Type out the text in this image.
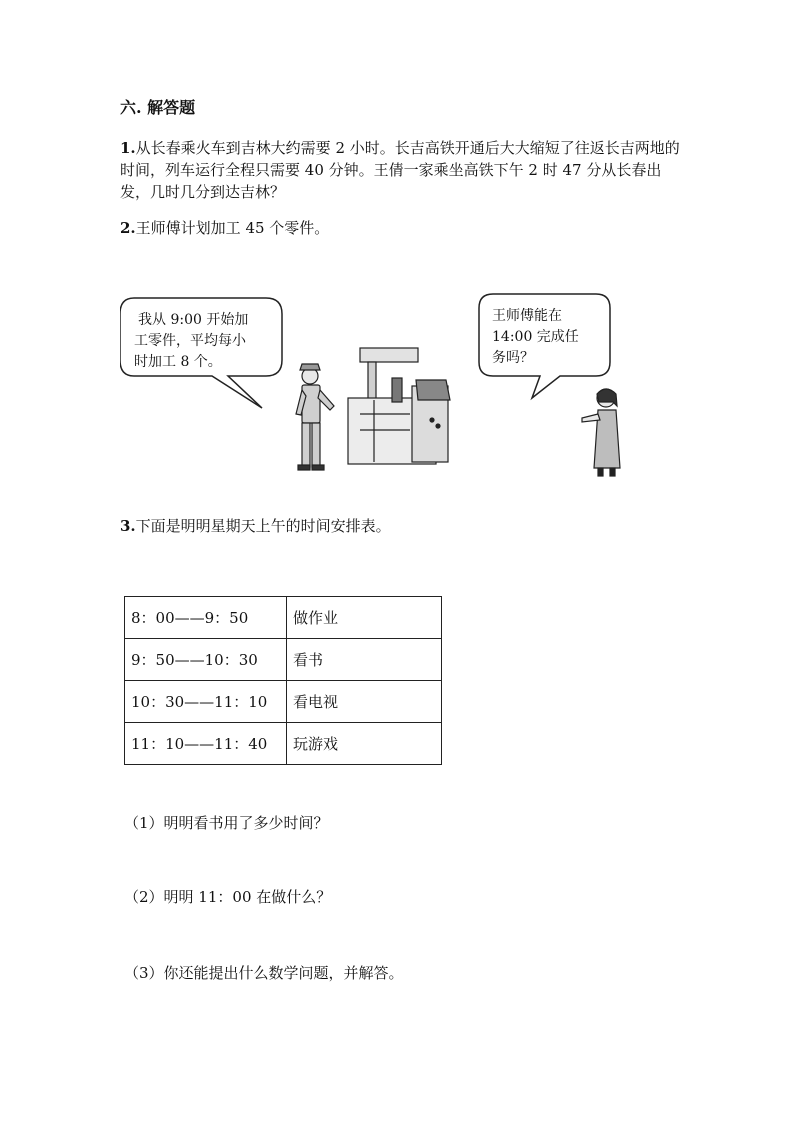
六. 解答题
1.从长春乘火车到吉林大约需要 2 小时。长吉高铁开通后大大缩短了往返长吉两地的时间，列车运行全程只需要 40 分钟。王倩一家乘坐高铁下午 2 时 47 分从长春出发，几时几分到达吉林？
2.王师傅计划加工 45 个零件。
我从 9:00 开始加
工零件，平均每小
时加工 8 个。
王师傅能在
14:00 完成任
务吗？
3.下面是明明星期天上午的时间安排表。
8：00——9：50	做作业
9：50——10：30	看书
10：30——11：10	看电视
11：10——11：40	玩游戏
（1）明明看书用了多少时间？
（2）明明 11：00 在做什么？
（3）你还能提出什么数学问题，并解答。
